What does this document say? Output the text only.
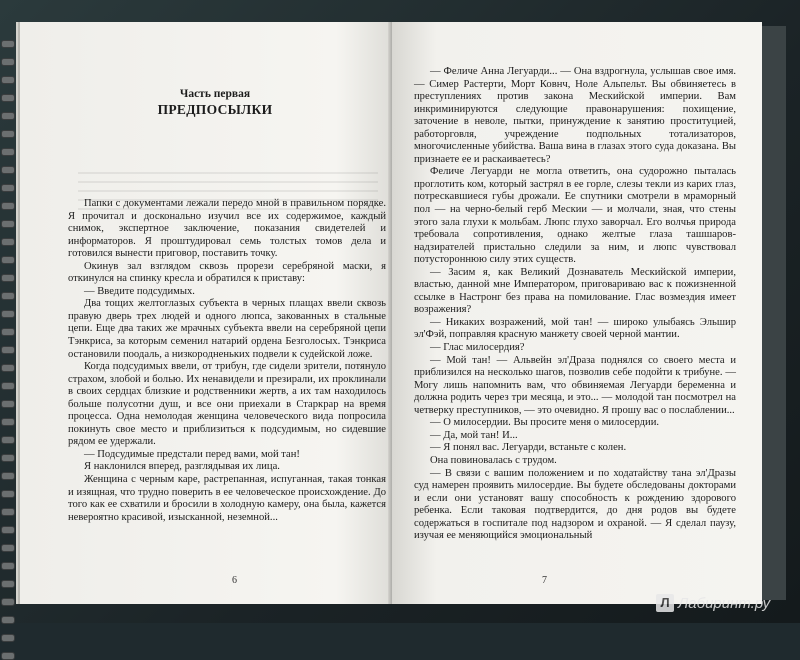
Часть первая
ПРЕДПОСЫЛКИ

Папки с документами лежали передо мной в правильном порядке. Я прочитал и досконально изучил все их содержимое, каждый снимок, экспертное заключение, показания свидетелей и информаторов. Я проштудировал семь толстых томов дела и готовился вынести приговор, поставить точку.

Окинув зал взглядом сквозь прорези серебряной маски, я откинулся на спинку кресла и обратился к приставу:

— Введите подсудимых.

Два тощих желтоглазых субъекта в черных плащах ввели сквозь правую дверь трех людей и одного люпса, закованных в стальные цепи. Еще два таких же мрачных субъекта ввели на серебряной цепи Тэнкриса, за которым семенил натарий ордена Безголосых. Тэнкриса остановили поодаль, а низкородненьких подвели к судейской ложе.

Когда подсудимых ввели, от трибун, где сидели зрители, потянуло страхом, злобой и болью. Их ненавидели и презирали, их проклинали в своих сердцах близкие и родственники жертв, а их там находилось больше полусотни душ, и все они приехали в Старкрар на время процесса. Одна немолодая женщина человеческого вида попросила покинуть свое место и приблизиться к подсудимым, но сидевшие рядом ее удержали.

— Подсудимые предстали перед вами, мой тан!

Я наклонился вперед, разглядывая их лица.

Женщина с черным каре, растрепанная, испуганная, такая тонкая и изящная, что трудно поверить в ее человеческое происхождение. До того как ее схватили и бросили в холодную камеру, она была, кажется невероятно красивой, изысканной, неземной...

6

— Феличе Анна Легуарди... — Она вздрогнула, услышав свое имя. — Симер Растерти, Морт Ковнч, Ноле Альпельт. Вы обвиняетесь в преступлениях против закона Мескийской империи. Вам инкриминируются следующие правонарушения: похищение, заточение в неволе, пытки, принуждение к занятию проституцией, работорговля, учреждение подпольных тотализаторов, многочисленные убийства. Ваша вина в глазах этого суда доказана. Вы признаете ее и раскаиваетесь?

Феличе Легуарди не могла ответить, она судорожно пыталась проглотить ком, который застрял в ее горле, слезы текли из карих глаз, потрескавшиеся губы дрожали. Ее спутники смотрели в мраморный пол — на черно-белый герб Мескии — и молчали, зная, что стены этого зала глухи к мольбам. Люпс глухо заворчал. Его волчья природа требовала сопротивления, однако желтые глаза ташшаров-надзирателей пристально следили за ним, и люпс чувствовал потустороннюю силу этих существ.

— Засим я, как Великий Дознаватель Мескийской империи, властью, данной мне Императором, приговариваю вас к пожизненной ссылке в Настронг без права на помилование. Глас возмездия имеет возражения?

— Никаких возражений, мой тан! — широко улыбаясь Эльшир эл'Фэй, поправляя красную манжету своей черной мантии.

— Глас милосердия?

— Мой тан! — Альвейн эл'Драза поднялся со своего места и приблизился на несколько шагов, позволив себе подойти к трибуне. — Могу лишь напомнить вам, что обвиняемая Легуарди беременна и должна родить через три месяца, и это... — молодой тан посмотрел на четверку преступников, — это очевидно. Я прошу вас о послаблении...

— О милосердии. Вы просите меня о милосердии.

— Да, мой тан! И...

— Я понял вас. Легуарди, встаньте с колен.

Она повиновалась с трудом.

— В связи с вашим положением и по ходатайству тана эл'Дразы суд намерен проявить милосердие. Вы будете обследованы докторами и если они установят вашу способность к рождению здорового ребенка. Если таковая подтвердится, до дня родов вы будете содержаться в госпитале под надзором и охраной. — Я сделал паузу, изучая ее меняющийся эмоциональный

7
Л Лабиринт.ру
